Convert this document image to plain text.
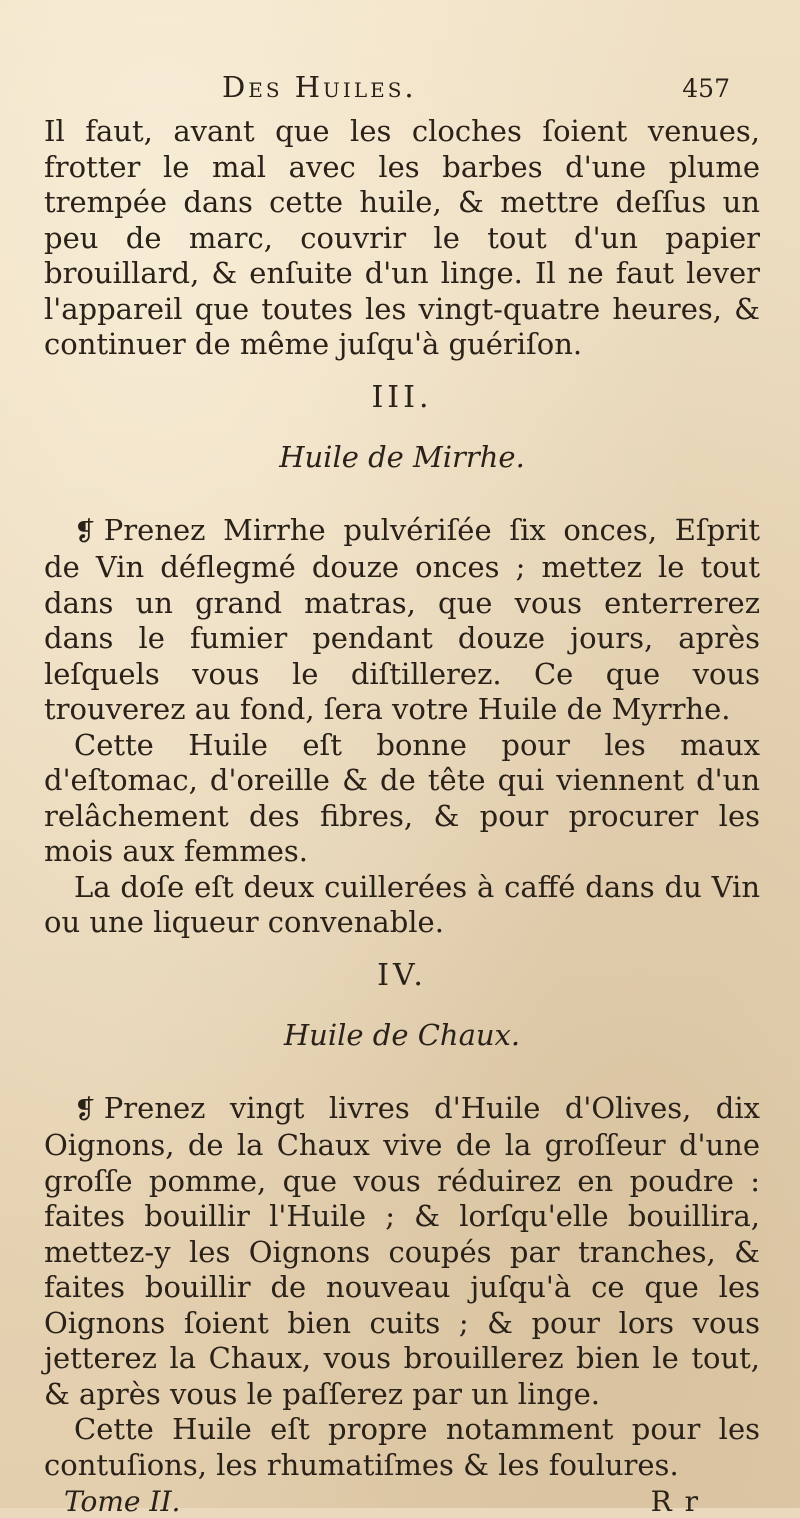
Des Huiles.	457

Il faut, avant que les cloches ſoient venues, frotter le mal avec les barbes d'une plume trempée dans cette huile, & mettre deſſus un peu de marc, couvrir le tout d'un papier brouillard, & enſuite d'un linge. Il ne faut lever l'appareil que toutes les vingt-quatre heures, & continuer de même juſqu'à guériſon.

III.
Huile de Mirrhe.

❡ Prenez Mirrhe pulvériſée ſix onces, Eſprit de Vin déflegmé douze onces ; mettez le tout dans un grand matras, que vous enterrerez dans le fumier pendant douze jours, après leſquels vous le diſtillerez. Ce que vous trouverez au fond, ſera votre Huile de Myrrhe.

Cette Huile eſt bonne pour les maux d'eſtomac, d'oreille & de tête qui viennent d'un relâchement des fibres, & pour procurer les mois aux femmes.

La doſe eſt deux cuillerées à caffé dans du Vin ou une liqueur convenable.

IV.
Huile de Chaux.

❡ Prenez vingt livres d'Huile d'Olives, dix Oignons, de la Chaux vive de la groſſeur d'une groſſe pomme, que vous réduirez en poudre : faites bouillir l'Huile ; & lorſqu'elle bouillira, mettez-y les Oignons coupés par tranches, & faites bouillir de nouveau juſqu'à ce que les Oignons ſoient bien cuits ; & pour lors vous jetterez la Chaux, vous brouillerez bien le tout, & après vous le paſſerez par un linge.

Cette Huile eſt propre notamment pour les contuſions, les rhumatiſmes & les foulures.

Tome II.	R r
